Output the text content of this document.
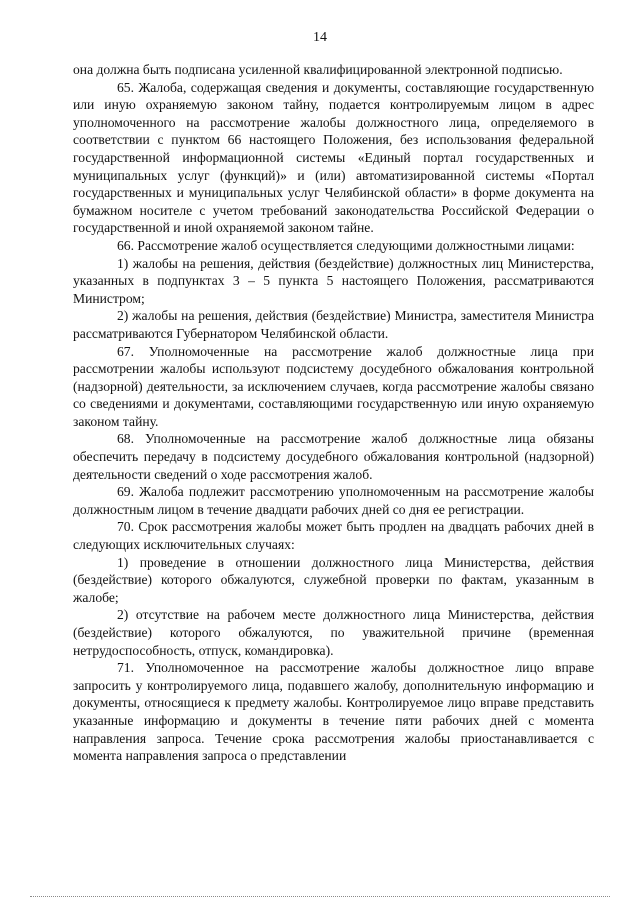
14

она должна быть подписана усиленной квалифицированной электронной подписью.

65. Жалоба, содержащая сведения и документы, составляющие государственную или иную охраняемую законом тайну, подается контролируемым лицом в адрес уполномоченного на рассмотрение жалобы должностного лица, определяемого в соответствии с пунктом 66 настоящего Положения, без использования федеральной государственной информационной системы «Единый портал государственных и муниципальных услуг (функций)» и (или) автоматизированной системы «Портал государственных и муниципальных услуг Челябинской области» в форме документа на бумажном носителе с учетом требований законодательства Российской Федерации о государственной и иной охраняемой законом тайне.

66. Рассмотрение жалоб осуществляется следующими должностными лицами:

1) жалобы на решения, действия (бездействие) должностных лиц Министерства, указанных в подпунктах 3 – 5 пункта 5 настоящего Положения, рассматриваются Министром;

2) жалобы на решения, действия (бездействие) Министра, заместителя Министра рассматриваются Губернатором Челябинской области.

67. Уполномоченные на рассмотрение жалоб должностные лица при рассмотрении жалобы используют подсистему досудебного обжалования контрольной (надзорной) деятельности, за исключением случаев, когда рассмотрение жалобы связано со сведениями и документами, составляющими государственную или иную охраняемую законом тайну.

68. Уполномоченные на рассмотрение жалоб должностные лица обязаны обеспечить передачу в подсистему досудебного обжалования контрольной (надзорной) деятельности сведений о ходе рассмотрения жалоб.

69. Жалоба подлежит рассмотрению уполномоченным на рассмотрение жалобы должностным лицом в течение двадцати рабочих дней со дня ее регистрации.

70. Срок рассмотрения жалобы может быть продлен на двадцать рабочих дней в следующих исключительных случаях:

1) проведение в отношении должностного лица Министерства, действия (бездействие) которого обжалуются, служебной проверки по фактам, указанным в жалобе;

2) отсутствие на рабочем месте должностного лица Министерства, действия (бездействие) которого обжалуются, по уважительной причине (временная нетрудоспособность, отпуск, командировка).

71. Уполномоченное на рассмотрение жалобы должностное лицо вправе запросить у контролируемого лица, подавшего жалобу, дополнительную информацию и документы, относящиеся к предмету жалобы. Контролируемое лицо вправе представить указанные информацию и документы в течение пяти рабочих дней с момента направления запроса. Течение срока рассмотрения жалобы приостанавливается с момента направления запроса о представлении
